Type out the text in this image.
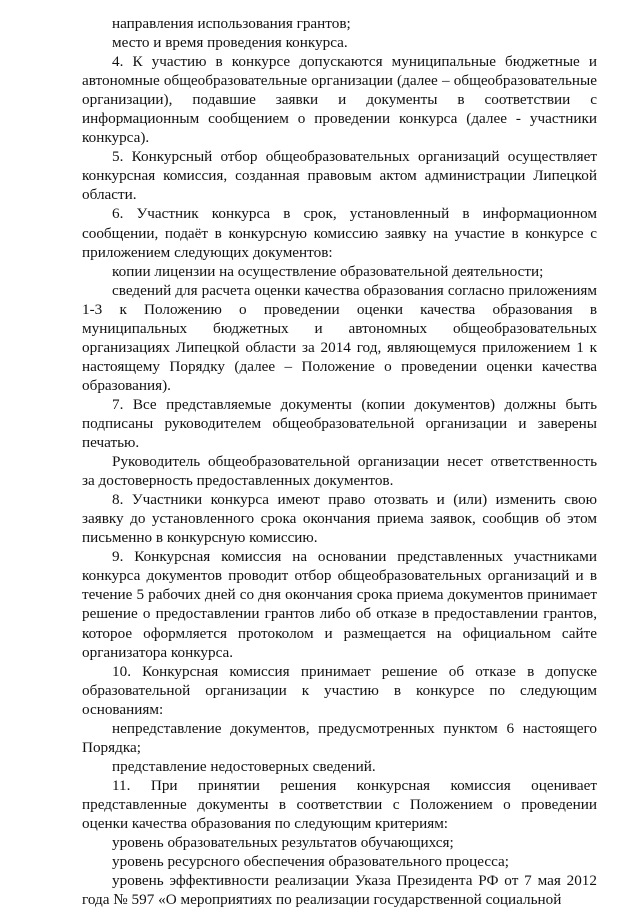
направления использования грантов;

место и время проведения конкурса.

4. К участию в конкурсе допускаются муниципальные бюджетные и автономные общеобразовательные организации (далее – общеобразовательные организации), подавшие заявки и документы в соответствии с информационным сообщением о проведении конкурса (далее - участники конкурса).

5. Конкурсный отбор общеобразовательных организаций осуществляет конкурсная комиссия, созданная правовым актом администрации Липецкой области.

6. Участник конкурса в срок, установленный в информационном сообщении, подаёт в конкурсную комиссию заявку на участие в конкурсе с приложением следующих документов:

копии лицензии на осуществление образовательной деятельности;

сведений для расчета оценки качества образования согласно приложениям 1-3 к Положению о проведении оценки качества образования в муниципальных бюджетных и автономных общеобразовательных организациях Липецкой области за 2014 год, являющемуся приложением 1 к настоящему Порядку (далее – Положение о проведении оценки качества образования).

7. Все представляемые документы (копии документов) должны быть подписаны руководителем общеобразовательной организации и заверены печатью.

Руководитель общеобразовательной организации несет ответственность за достоверность предоставленных документов.

8. Участники конкурса имеют право отозвать и (или) изменить свою заявку до установленного срока окончания приема заявок, сообщив об этом письменно в конкурсную комиссию.

9. Конкурсная комиссия на основании представленных участниками конкурса документов проводит отбор общеобразовательных организаций и в течение 5 рабочих дней со дня окончания срока приема документов принимает решение о предоставлении грантов либо об отказе в предоставлении грантов, которое оформляется протоколом и размещается на официальном сайте организатора конкурса.

10. Конкурсная комиссия принимает решение об отказе в допуске образовательной организации к участию в конкурсе по следующим основаниям:

непредставление документов, предусмотренных пунктом 6 настоящего Порядка;

представление недостоверных сведений.

11. При принятии решения конкурсная комиссия оценивает представленные документы в соответствии с Положением о проведении оценки качества образования по следующим критериям:

уровень образовательных результатов обучающихся;

уровень ресурсного обеспечения образовательного процесса;

уровень эффективности реализации Указа Президента РФ от 7 мая 2012 года № 597 «О мероприятиях по реализации государственной социальной
